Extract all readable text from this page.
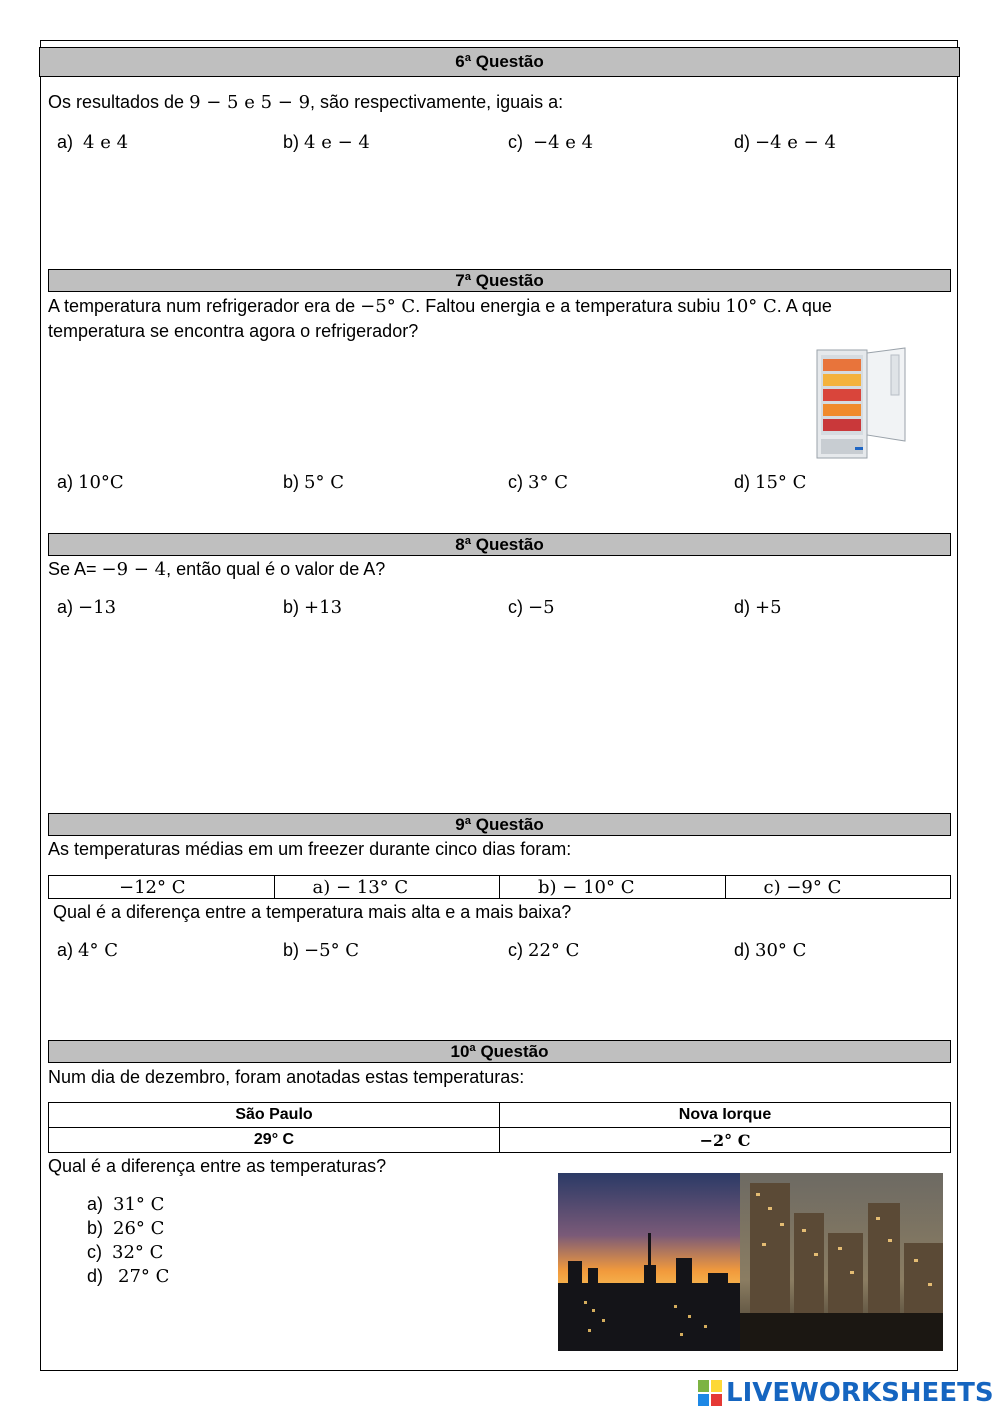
6ª Questão
Os resultados de 9 − 5 e 5 − 9, são respectivamente, iguais a:
a) 4 e 4	b) 4 e − 4	c) −4 e 4	d) −4 e − 4
7ª Questão
A temperatura num refrigerador era de −5° C. Faltou energia e a temperatura subiu 10° C. A que
temperatura se encontra agora o refrigerador?
a) 10°C	b) 5° C	c) 3° C	d) 15° C
8ª Questão
Se A= −9 − 4, então qual é o valor de A?
a) −13	b) +13	c) −5	d) +5
9ª Questão
As temperaturas médias em um freezer durante cinco dias foram:
−12° C	a) − 13° C	b) − 10° C	c) −9° C
Qual é a diferença entre a temperatura mais alta e a mais baixa?
a) 4° C	b) −5° C	c) 22° C	d) 30° C
10ª Questão
Num dia de dezembro, foram anotadas estas temperaturas:
São Paulo	Nova Iorque
29° C	−2° C
Qual é a diferença entre as temperaturas?
a) 31° C
b) 26° C
c) 32° C
d) 27° C
LIVEWORKSHEETS
